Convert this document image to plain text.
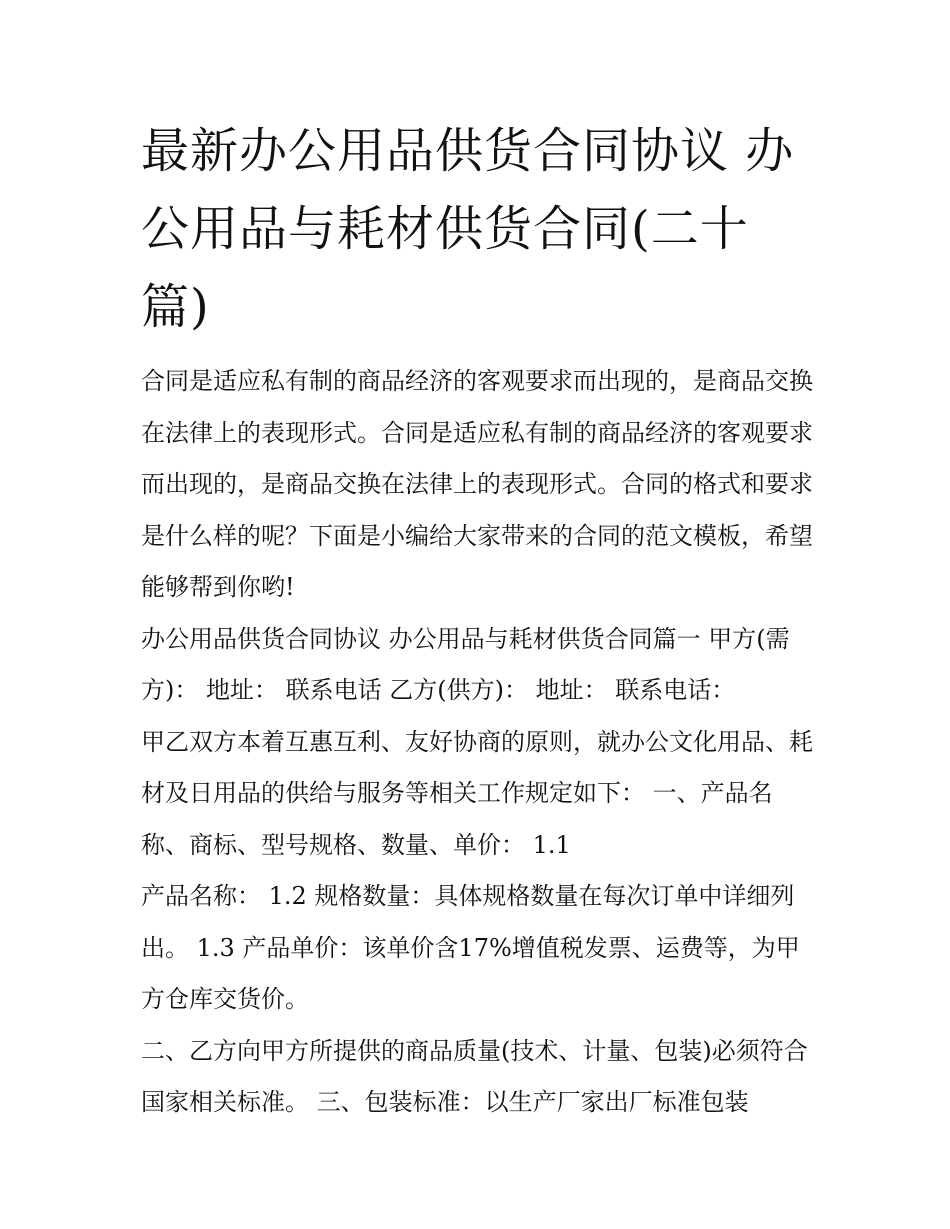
最新办公用品供货合同协议 办公用品与耗材供货合同(二十篇)

合同是适应私有制的商品经济的客观要求而出现的，是商品交换在法律上的表现形式。合同是适应私有制的商品经济的客观要求而出现的，是商品交换在法律上的表现形式。合同的格式和要求是什么样的呢？下面是小编给大家带来的合同的范文模板，希望能够帮到你哟!

办公用品供货合同协议 办公用品与耗材供货合同篇一 甲方(需方)： 地址： 联系电话 乙方(供方)： 地址： 联系电话：

甲乙双方本着互惠互利、友好协商的原则，就办公文化用品、耗材及日用品的供给与服务等相关工作规定如下： 一、产品名称、商标、型号规格、数量、单价： 1.1

产品名称： 1.2 规格数量：具体规格数量在每次订单中详细列出。 1.3 产品单价：该单价含17%增值税发票、运费等，为甲方仓库交货价。

二、乙方向甲方所提供的商品质量(技术、计量、包装)必须符合国家相关标准。 三、包装标准：以生产厂家出厂标准包装
